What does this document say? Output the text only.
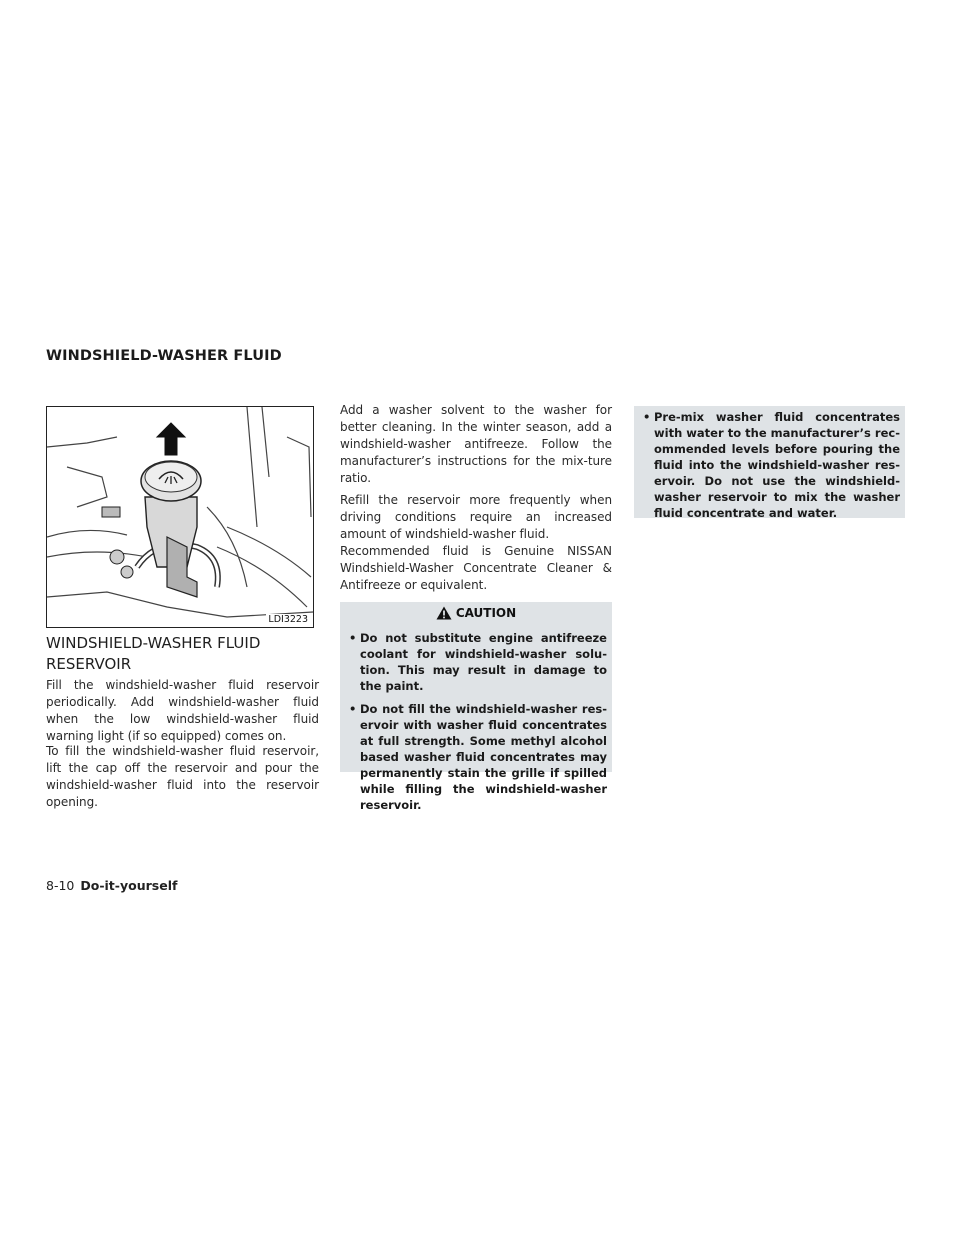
WINDSHIELD-WASHER FLUID
LDI3223
WINDSHIELD-WASHER FLUID
RESERVOIR

Fill the windshield-washer fluid reservoir periodically. Add windshield-washer fluid when the low windshield-washer fluid warning light (if so equipped) comes on.

To fill the windshield-washer fluid reservoir, lift the cap off the reservoir and pour the windshield-washer fluid into the reservoir opening.

Add a washer solvent to the washer for better cleaning. In the winter season, add a windshield-washer antifreeze. Follow the manufacturer’s instructions for the mix-ture ratio.

Refill the reservoir more frequently when driving conditions require an increased amount of windshield-washer fluid.

Recommended fluid is Genuine NISSAN Windshield-Washer Concentrate Cleaner & Antifreeze or equivalent.

CAUTION
• Do not substitute engine antifreeze coolant for windshield-washer solu-tion. This may result in damage to the paint.
• Do not fill the windshield-washer res-ervoir with washer fluid concentrates at full strength. Some methyl alcohol based washer fluid concentrates may permanently stain the grille if spilled while filling the windshield-washer reservoir.
• Pre-mix washer fluid concentrates with water to the manufacturer’s rec-ommended levels before pouring the fluid into the windshield-washer res-ervoir. Do not use the windshield-washer reservoir to mix the washer fluid concentrate and water.
8-10 Do-it-yourself
